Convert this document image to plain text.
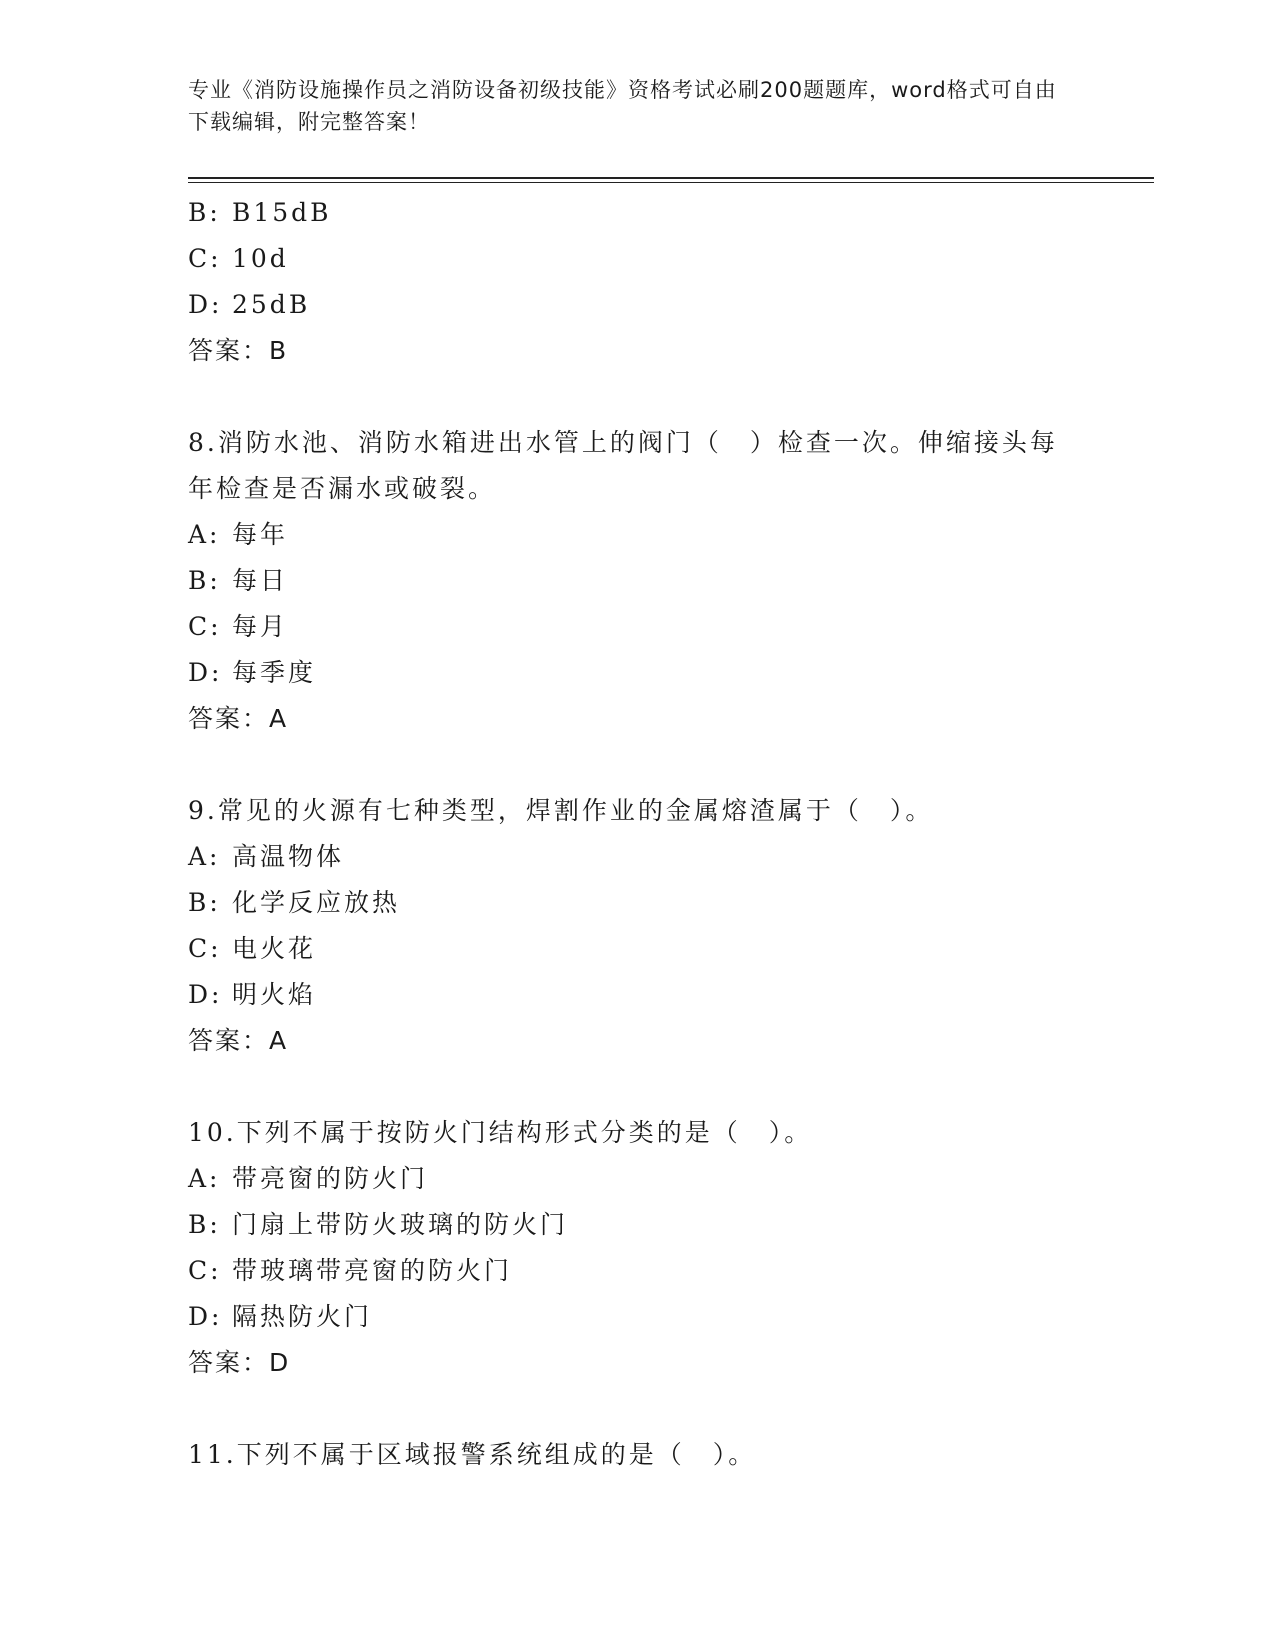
专业《消防设施操作员之消防设备初级技能》资格考试必刷200题题库，word格式可自由下载编辑，附完整答案！
B: B15dB
C: 10d
D: 25dB
答案：B
8.消防水池、消防水箱进出水管上的阀门（　）检查一次。伸缩接头每年检查是否漏水或破裂。
A: 每年
B: 每日
C: 每月
D: 每季度
答案：A
9.常见的火源有七种类型，焊割作业的金属熔渣属于（　）。
A: 高温物体
B: 化学反应放热
C: 电火花
D: 明火焰
答案：A
10.下列不属于按防火门结构形式分类的是（　）。
A: 带亮窗的防火门
B: 门扇上带防火玻璃的防火门
C: 带玻璃带亮窗的防火门
D: 隔热防火门
答案：D
11.下列不属于区域报警系统组成的是（　）。
